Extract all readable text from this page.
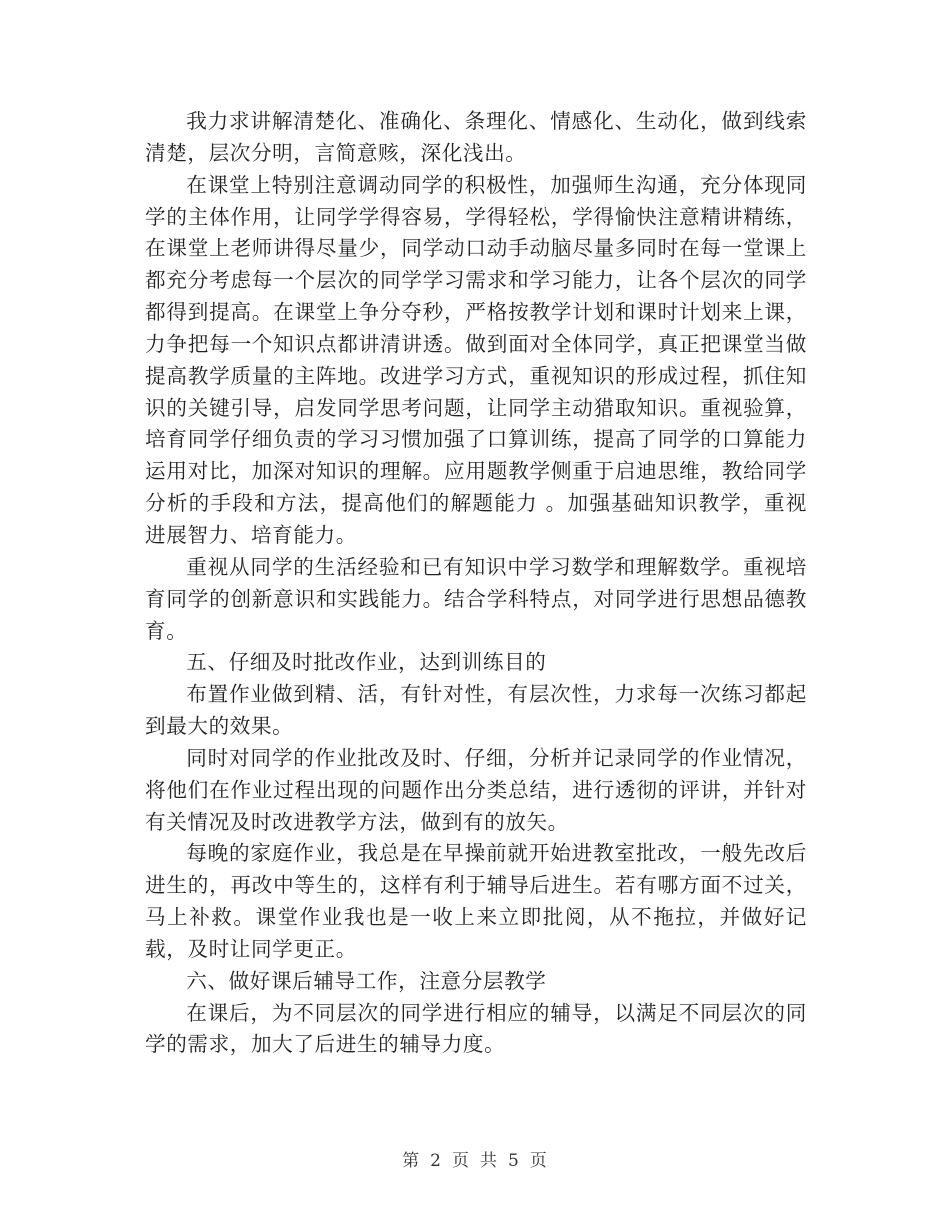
我力求讲解清楚化、准确化、条理化、情感化、生动化，做到线索清楚，层次分明，言简意赅，深化浅出。

在课堂上特别注意调动同学的积极性，加强师生沟通，充分体现同学的主体作用，让同学学得容易，学得轻松，学得愉快注意精讲精练，在课堂上老师讲得尽量少，同学动口动手动脑尽量多同时在每一堂课上都充分考虑每一个层次的同学学习需求和学习能力，让各个层次的同学都得到提高。在课堂上争分夺秒，严格按教学计划和课时计划来上课，力争把每一个知识点都讲清讲透。做到面对全体同学，真正把课堂当做提高教学质量的主阵地。改进学习方式，重视知识的形成过程，抓住知识的关键引导，启发同学思考问题，让同学主动猎取知识。重视验算，培育同学仔细负责的学习习惯加强了口算训练，提高了同学的口算能力运用对比，加深对知识的理解。应用题教学侧重于启迪思维，教给同学分析的手段和方法，提高他们的解题能力 。加强基础知识教学，重视进展智力、培育能力。

重视从同学的生活经验和已有知识中学习数学和理解数学。重视培育同学的创新意识和实践能力。结合学科特点，对同学进行思想品德教育。

五、仔细及时批改作业，达到训练目的

布置作业做到精、活，有针对性，有层次性，力求每一次练习都起到最大的效果。

同时对同学的作业批改及时、仔细，分析并记录同学的作业情况，将他们在作业过程出现的问题作出分类总结，进行透彻的评讲，并针对有关情况及时改进教学方法，做到有的放矢。

每晚的家庭作业，我总是在早操前就开始进教室批改，一般先改后进生的，再改中等生的，这样有利于辅导后进生。若有哪方面不过关，马上补救。课堂作业我也是一收上来立即批阅，从不拖拉，并做好记载，及时让同学更正。

六、做好课后辅导工作，注意分层教学

在课后，为不同层次的同学进行相应的辅导，以满足不同层次的同学的需求，加大了后进生的辅导力度。

第 2 页 共 5 页
